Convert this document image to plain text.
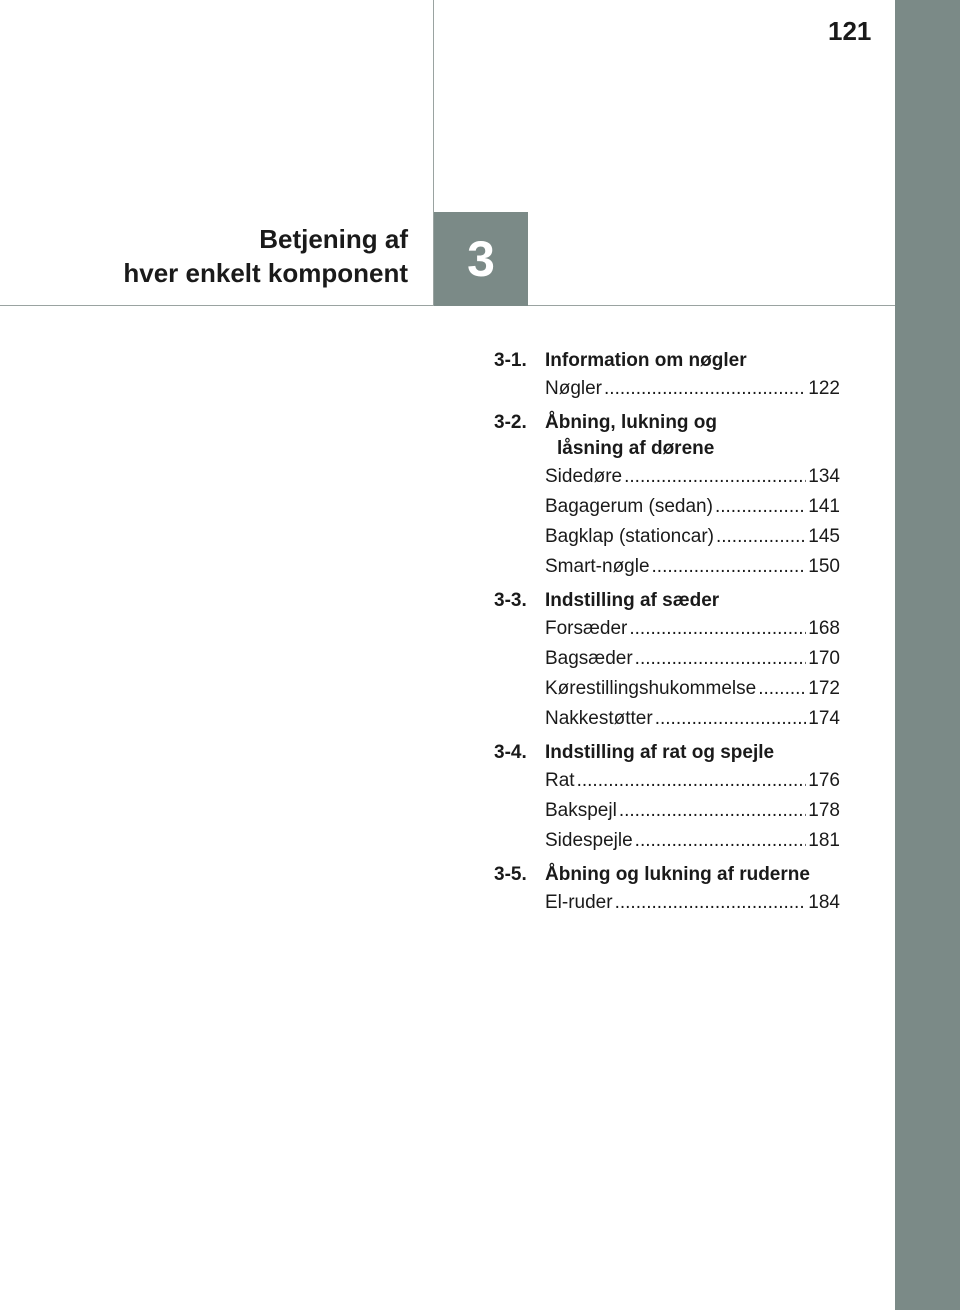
121
Betjening af
hver enkelt komponent 3
3-1. Information om nøgler
Nøgler .....	122
3-2. Åbning, lukning og
låsning af dørene
Sidedøre .....	134
Bagagerum (sedan) .....	141
Bagklap (stationcar) .....	145
Smart-nøgle .....	150
3-3. Indstilling af sæder
Forsæder .....	168
Bagsæder .....	170
Kørestillingshukommelse .....	172
Nakkestøtter .....	174
3-4. Indstilling af rat og spejle
Rat .....	176
Bakspejl .....	178
Sidespejle .....	181
3-5. Åbning og lukning af ruderne
El-ruder .....	184
